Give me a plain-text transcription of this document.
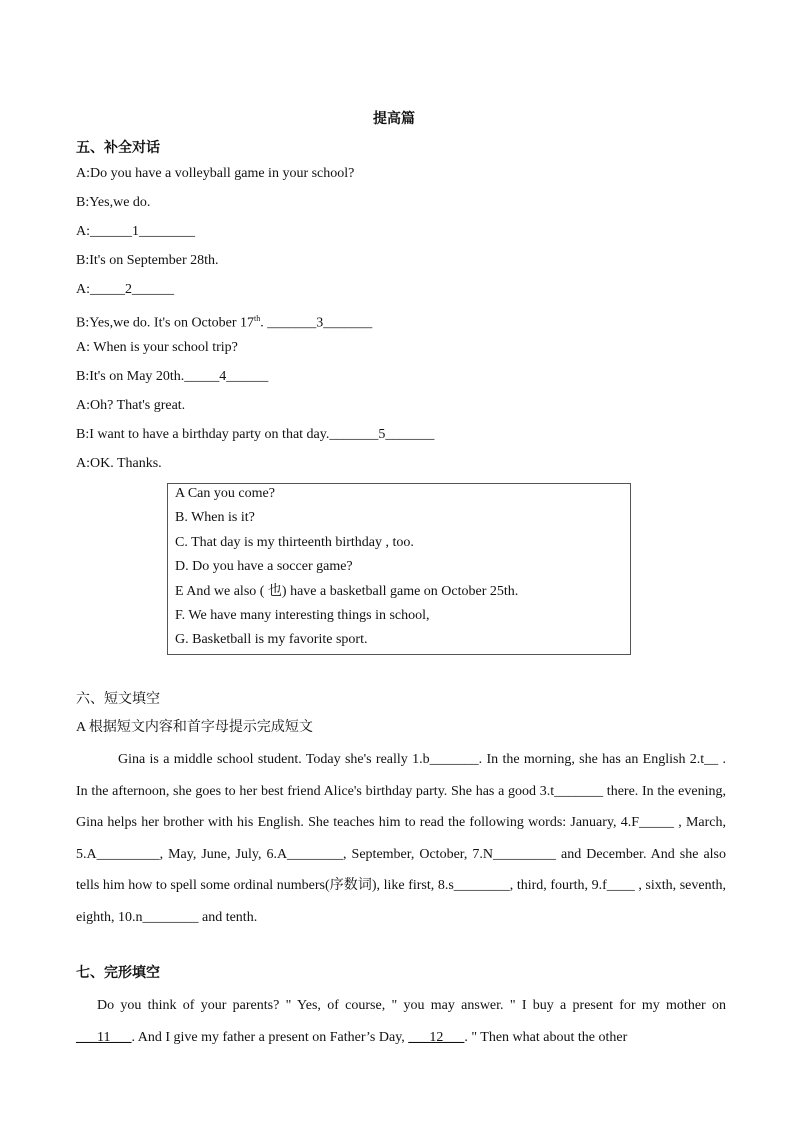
提高篇
五、补全对话
A:Do you have a volleyball game in your school?
B:Yes,we do.
A:______1________
B:It's on September 28th.
A:_____2______
B:Yes,we do. It's on October 17th. _______3_______
A: When is your school trip?
B:It's on May 20th._____4______
A:Oh? That's great.
B:I want to have a birthday party on that day._______5_______
A:OK. Thanks.
A Can you come?
B. When is it?
C. That day is my thirteenth birthday , too.
D. Do you have a soccer game?
E And we also ( 也) have a basketball game on October 25th.
F. We have many interesting things in school,
G. Basketball is my favorite sport.
六、短文填空
A 根据短文内容和首字母提示完成短文

Gina is a middle school student. Today she's really 1.b_______. In the morning, she has an English 2.t__ . In the afternoon, she goes to her best friend Alice's birthday party. She has a good 3.t_______ there. In the evening, Gina helps her brother with his English. She teaches him to read the following words: January, 4.F_____ , March, 5.A_________, May, June, July, 6.A________, September, October, 7.N_________ and December. And she also tells him how to spell some ordinal numbers(序数词), like first, 8.s________, third, fourth, 9.f____ , sixth, seventh, eighth, 10.n________ and tenth.

七、完形填空

Do you think of your parents? " Yes, of course, " you may answer. " I buy a present for my mother on ___11___. And I give my father a present on Father’s Day, ___12___. " Then what about the other
